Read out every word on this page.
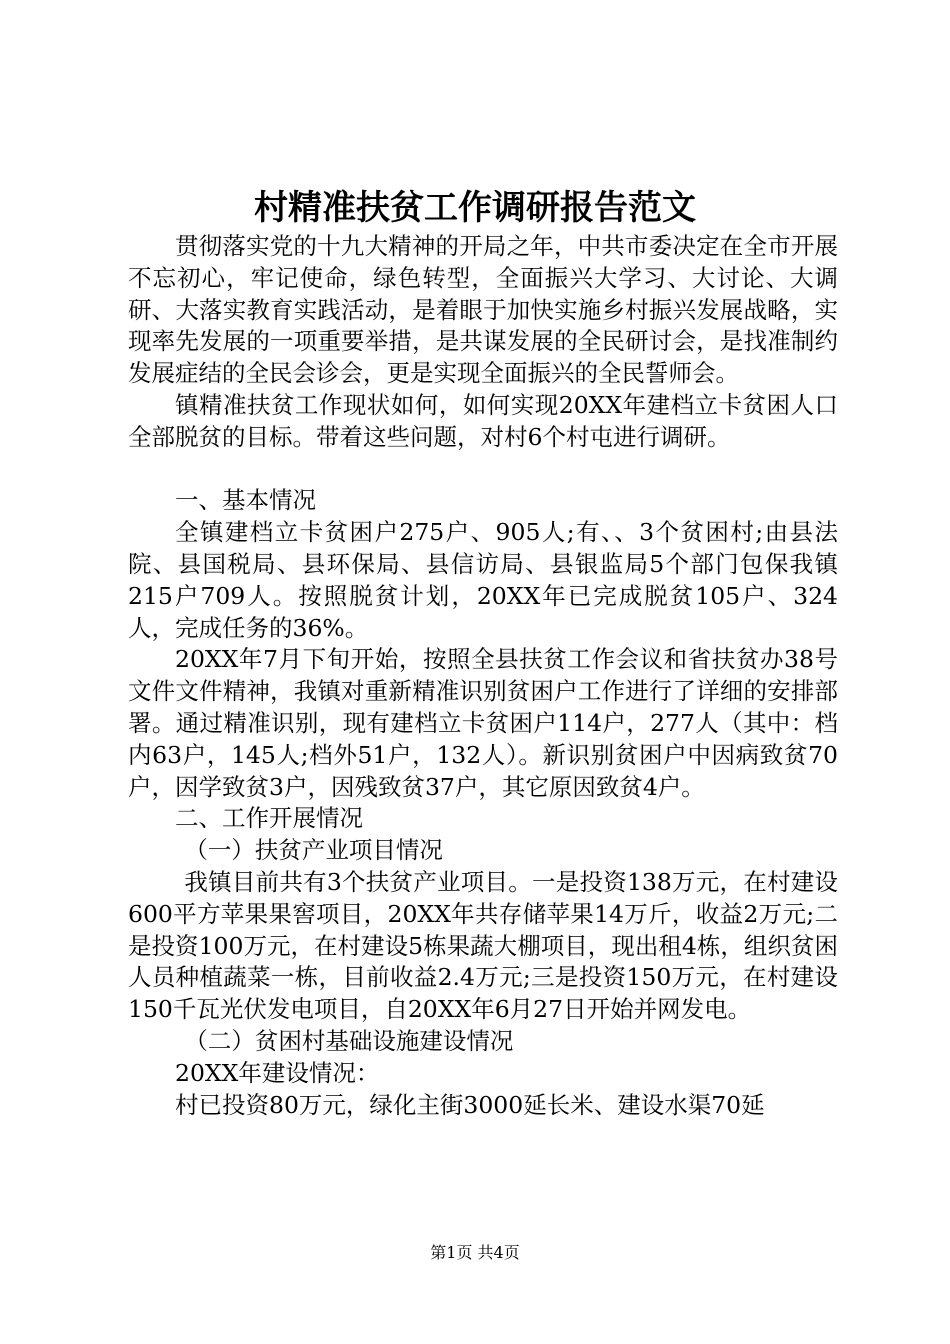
村精准扶贫工作调研报告范文

贯彻落实党的十九大精神的开局之年，中共市委决定在全市开展不忘初心，牢记使命，绿色转型，全面振兴大学习、大讨论、大调研、大落实教育实践活动，是着眼于加快实施乡村振兴发展战略，实现率先发展的一项重要举措，是共谋发展的全民研讨会，是找准制约发展症结的全民会诊会，更是实现全面振兴的全民誓师会。

镇精准扶贫工作现状如何，如何实现20XX年建档立卡贫困人口全部脱贫的目标。带着这些问题，对村6个村屯进行调研。

一、基本情况

全镇建档立卡贫困户275户、905人;有、、3个贫困村;由县法院、县国税局、县环保局、县信访局、县银监局5个部门包保我镇215户709人。按照脱贫计划，20XX年已完成脱贫105户、324人，完成任务的36%。

20XX年7月下旬开始，按照全县扶贫工作会议和省扶贫办38号文件文件精神，我镇对重新精准识别贫困户工作进行了详细的安排部署。通过精准识别，现有建档立卡贫困户114户，277人（其中：档内63户，145人;档外51户，132人）。新识别贫困户中因病致贫70户，因学致贫3户，因残致贫37户，其它原因致贫4户。

二、工作开展情况

（一）扶贫产业项目情况

我镇目前共有3个扶贫产业项目。一是投资138万元，在村建设600平方苹果果窖项目，20XX年共存储苹果14万斤，收益2万元;二是投资100万元，在村建设5栋果蔬大棚项目，现出租4栋，组织贫困人员种植蔬菜一栋，目前收益2.4万元;三是投资150万元，在村建设150千瓦光伏发电项目，自20XX年6月27日开始并网发电。

（二）贫困村基础设施建设情况

20XX年建设情况：

村已投资80万元，绿化主街3000延长米、建设水渠70延

第1页 共4页
